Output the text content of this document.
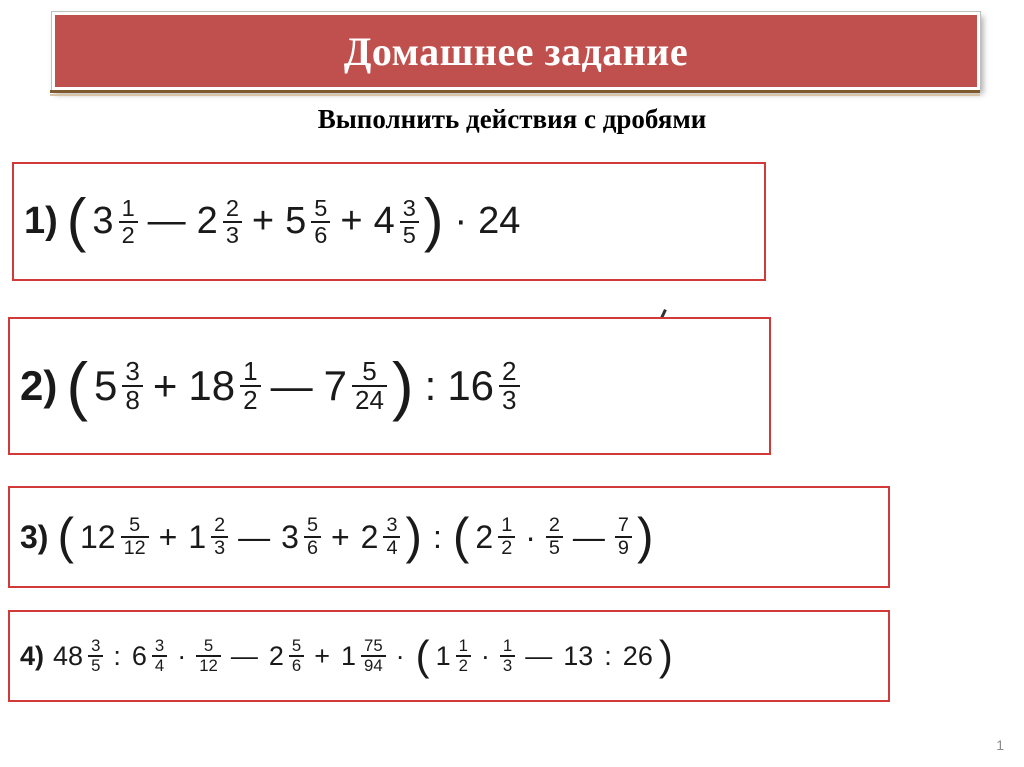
Домашнее задание
Выполнить действия с дробями
1) ( $3 \frac{1}{2}$ — $2 \frac{2}{3} + 5 \frac{5}{6} + 4 \frac{3}{5}$ ) · 24
2) ( $5 \frac{3}{8} + 18 \frac{1}{2}$ — $7 \frac{5}{24}$ ) : $16 \frac{2}{3}$
3) ( $12 \frac{5}{12} + 1 \frac{2}{3}$ — $3 \frac{5}{6} + 2 \frac{3}{4}$ ) : ( $2 \frac{1}{2} \cdot \frac{2}{5}$ — $\frac{7}{9}$ )
4) $48 \frac{3}{5}$ : $6 \frac{3}{4} \cdot \frac{5}{12}$ — $2 \frac{5}{6} + 1 \frac{75}{94}$ · ( $1 \frac{1}{2} \cdot \frac{1}{3}$ — 13 : 26 )
1
